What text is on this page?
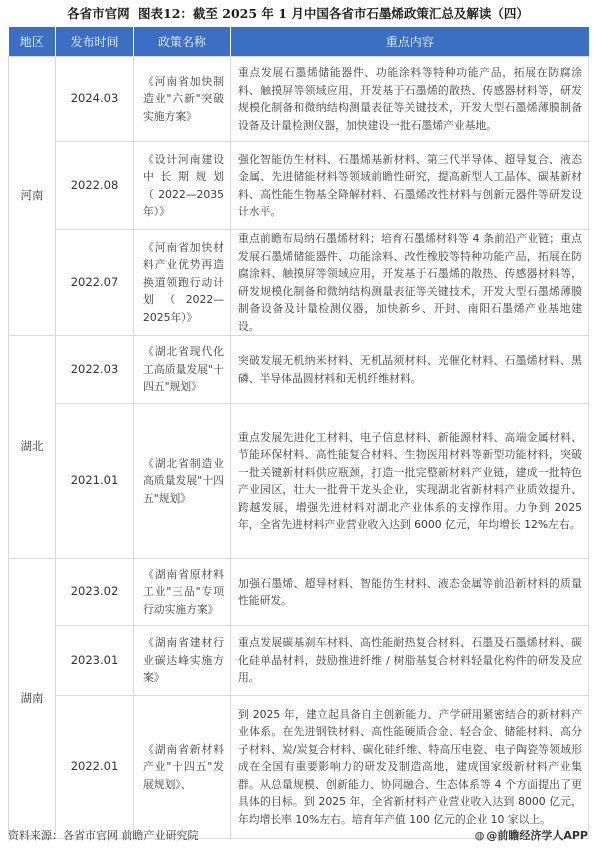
各省市官网 图表12：截至 2025 年 1 月中国各省市石墨烯政策汇总及解读（四）
地区	发布时间	政策名称	重点内容
河南	2024.03	《河南省加快制造业"六新"突破实施方案》	重点发展石墨烯储能器件、功能涂料等特种功能产品，拓展在防腐涂料、触摸屏等领域应用，开发基于石墨烯的散热、传感器材料等，研发规模化制备和微纳结构测量表征等关键技术，开发大型石墨烯薄膜制备设备及计量检测仪器，加快建设一批石墨烯产业基地。
	2022.08	《设计河南建设中长期规划（2022—2035年）》	强化智能仿生材料、石墨烯基新材料、第三代半导体、超导复合、液态金属、先进储能材料等领域前瞻性研究，提高新型人工晶体、碳基新材料、高性能生物基全降解材料、石墨烯改性材料与创新元器件等研发设计水平。
	2022.07	《河南省加快材料产业优势再造换道领跑行动计划（2022—2025年）》	重点前瞻布局纳石墨烯材料；培育石墨烯材料等 4 条前沿产业链；重点发展石墨烯储能器件、功能涂料、改性橡胶等特种功能产品，拓展在防腐涂料、触摸屏等领域应用，开发基于石墨烯的散热、传感器材料等，研发规模化制备和微纳结构测量表征等关键技术，开发大型石墨烯薄膜制备设备及计量检测仪器，加快新乡、开封、南阳石墨烯产业基地建设。
湖北	2022.03	《湖北省现代化工高质量发展"十四五"规划》	突破发展无机纳米材料、无机晶须材料、光催化材料、石墨烯材料、黑磷、半导体晶圆材料和无机纤维材料。
	2021.01	《湖北省制造业高质量发展"十四五"规划》	重点发展先进化工材料、电子信息材料、新能源材料、高端金属材料、节能环保材料、高性能复合材料、生物医用材料等新型功能材料，突破一批关键新材料供应瓶颈，打造一批完整新材料产业链，建成一批特色产业园区，壮大一批骨干龙头企业，实现湖北省新材料产业质效提升、跨越发展，增强先进材料对湖北产业体系的支撑作用。力争到 2025 年，全省先进材料产业营业收入达到 6000 亿元，年均增长 12%左右。
湖南	2023.02	《湖南省原材料工业"三品"专项行动实施方案》	加强石墨烯、超导材料、智能仿生材料、液态金属等前沿新材料的质量性能研发。
	2023.01	《湖南省建材行业碳达峰实施方案》	重点发展碳基刹车材料、高性能耐热复合材料、石墨及石墨烯材料、碳化硅单晶材料，鼓励推进纤维 / 树脂基复合材料轻量化构件的研发及应用。
	2022.01	《湖南省新材料产业"十四五"发展规划》、	到 2025 年，建立起具备自主创新能力、产学研用紧密结合的新材料产业体系。在先进钢铁材料、高性能硬质合金、轻合金、储能材料、高分子材料、炭/炭复合材料、碳化硅纤维、特高压电瓷、电子陶瓷等领域形成在全国有重要影响力的研发及制造高地，建成国家级新材料产业集群。从总量规模、创新能力、协同融合、生态体系等 4 个方面提出了更具体的目标。到 2025 年，全省新材料产业营业收入达到 8000 亿元，年均增长率 10%左右。培育年产值 100 亿元的企业 10 家以上。
资料来源：各省市官网 前瞻产业研究院	◍ @前瞻经济学人APP
